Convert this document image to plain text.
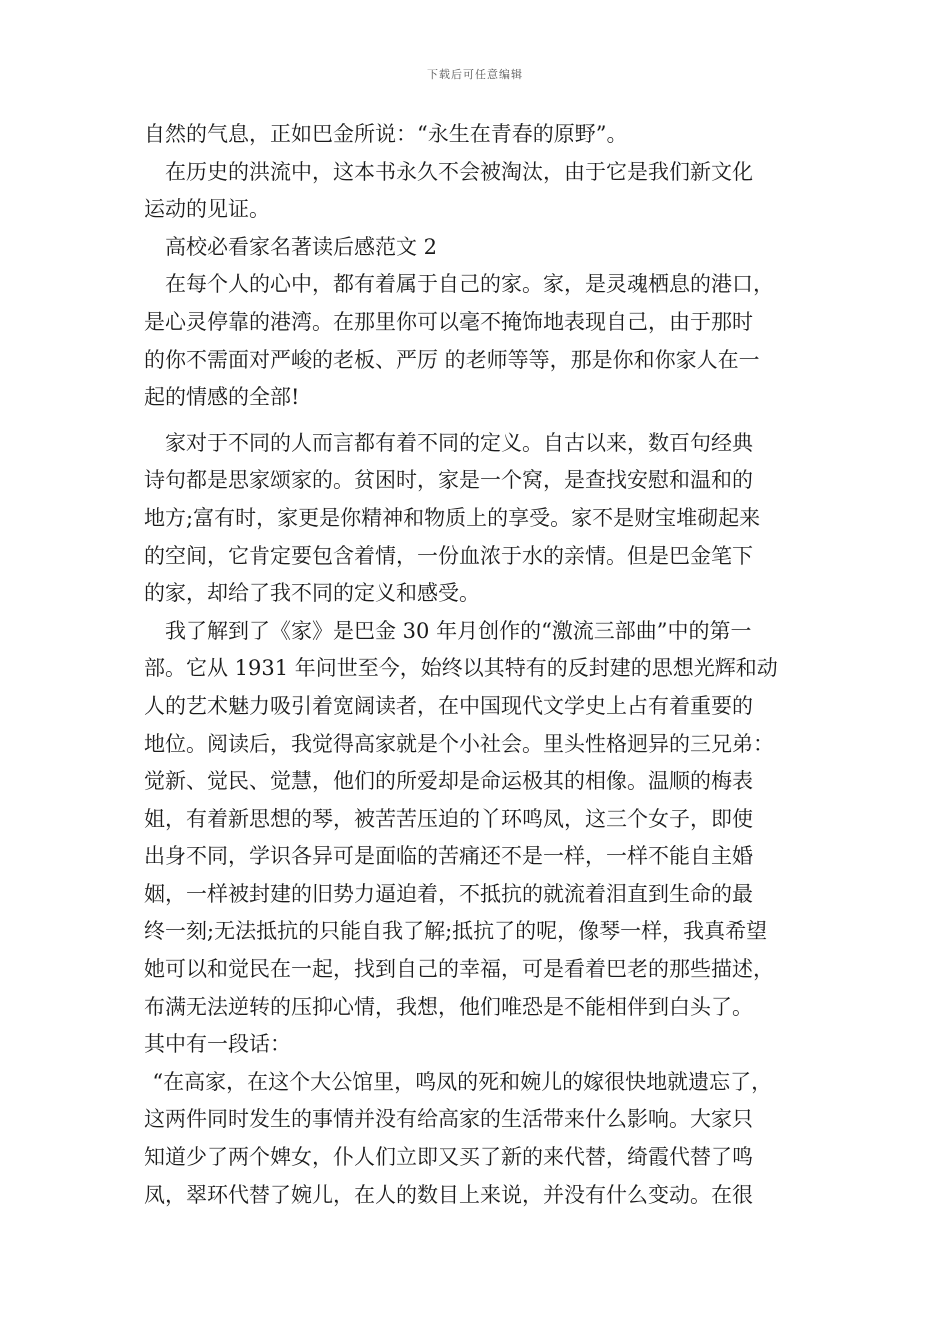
下载后可任意编辑
自然的气息，正如巴金所说：“永生在青春的原野”。
在历史的洪流中，这本书永久不会被淘汰，由于它是我们新文化
运动的见证。
高校必看家名著读后感范文 2
在每个人的心中，都有着属于自己的家。家，是灵魂栖息的港口，
是心灵停靠的港湾。在那里你可以毫不掩饰地表现自己，由于那时
的你不需面对严峻的老板、严厉 的老师等等，那是你和你家人在一
起的情感的全部!
家对于不同的人而言都有着不同的定义。自古以来，数百句经典
诗句都是思家颂家的。贫困时，家是一个窝，是查找安慰和温和的
地方;富有时，家更是你精神和物质上的享受。家不是财宝堆砌起来
的空间，它肯定要包含着情，一份血浓于水的亲情。但是巴金笔下
的家，却给了我不同的定义和感受。
我了解到了《家》是巴金 30 年月创作的“激流三部曲”中的第一
部。它从 1931 年问世至今，始终以其特有的反封建的思想光辉和动
人的艺术魅力吸引着宽阔读者，在中国现代文学史上占有着重要的
地位。阅读后，我觉得高家就是个小社会。里头性格迥异的三兄弟：
觉新、觉民、觉慧，他们的所爱却是命运极其的相像。温顺的梅表
姐，有着新思想的琴，被苦苦压迫的丫环鸣凤，这三个女子，即使
出身不同，学识各异可是面临的苦痛还不是一样，一样不能自主婚
姻，一样被封建的旧势力逼迫着，不抵抗的就流着泪直到生命的最
终一刻;无法抵抗的只能自我了解;抵抗了的呢，像琴一样，我真希望
她可以和觉民在一起，找到自己的幸福，可是看着巴老的那些描述，
布满无法逆转的压抑心情，我想，他们唯恐是不能相伴到白头了。
其中有一段话：
“在高家，在这个大公馆里，鸣凤的死和婉儿的嫁很快地就遗忘了，
这两件同时发生的事情并没有给高家的生活带来什么影响。大家只
知道少了两个婢女，仆人们立即又买了新的来代替，绮霞代替了鸣
凤，翠环代替了婉儿，在人的数目上来说，并没有什么变动。在很
